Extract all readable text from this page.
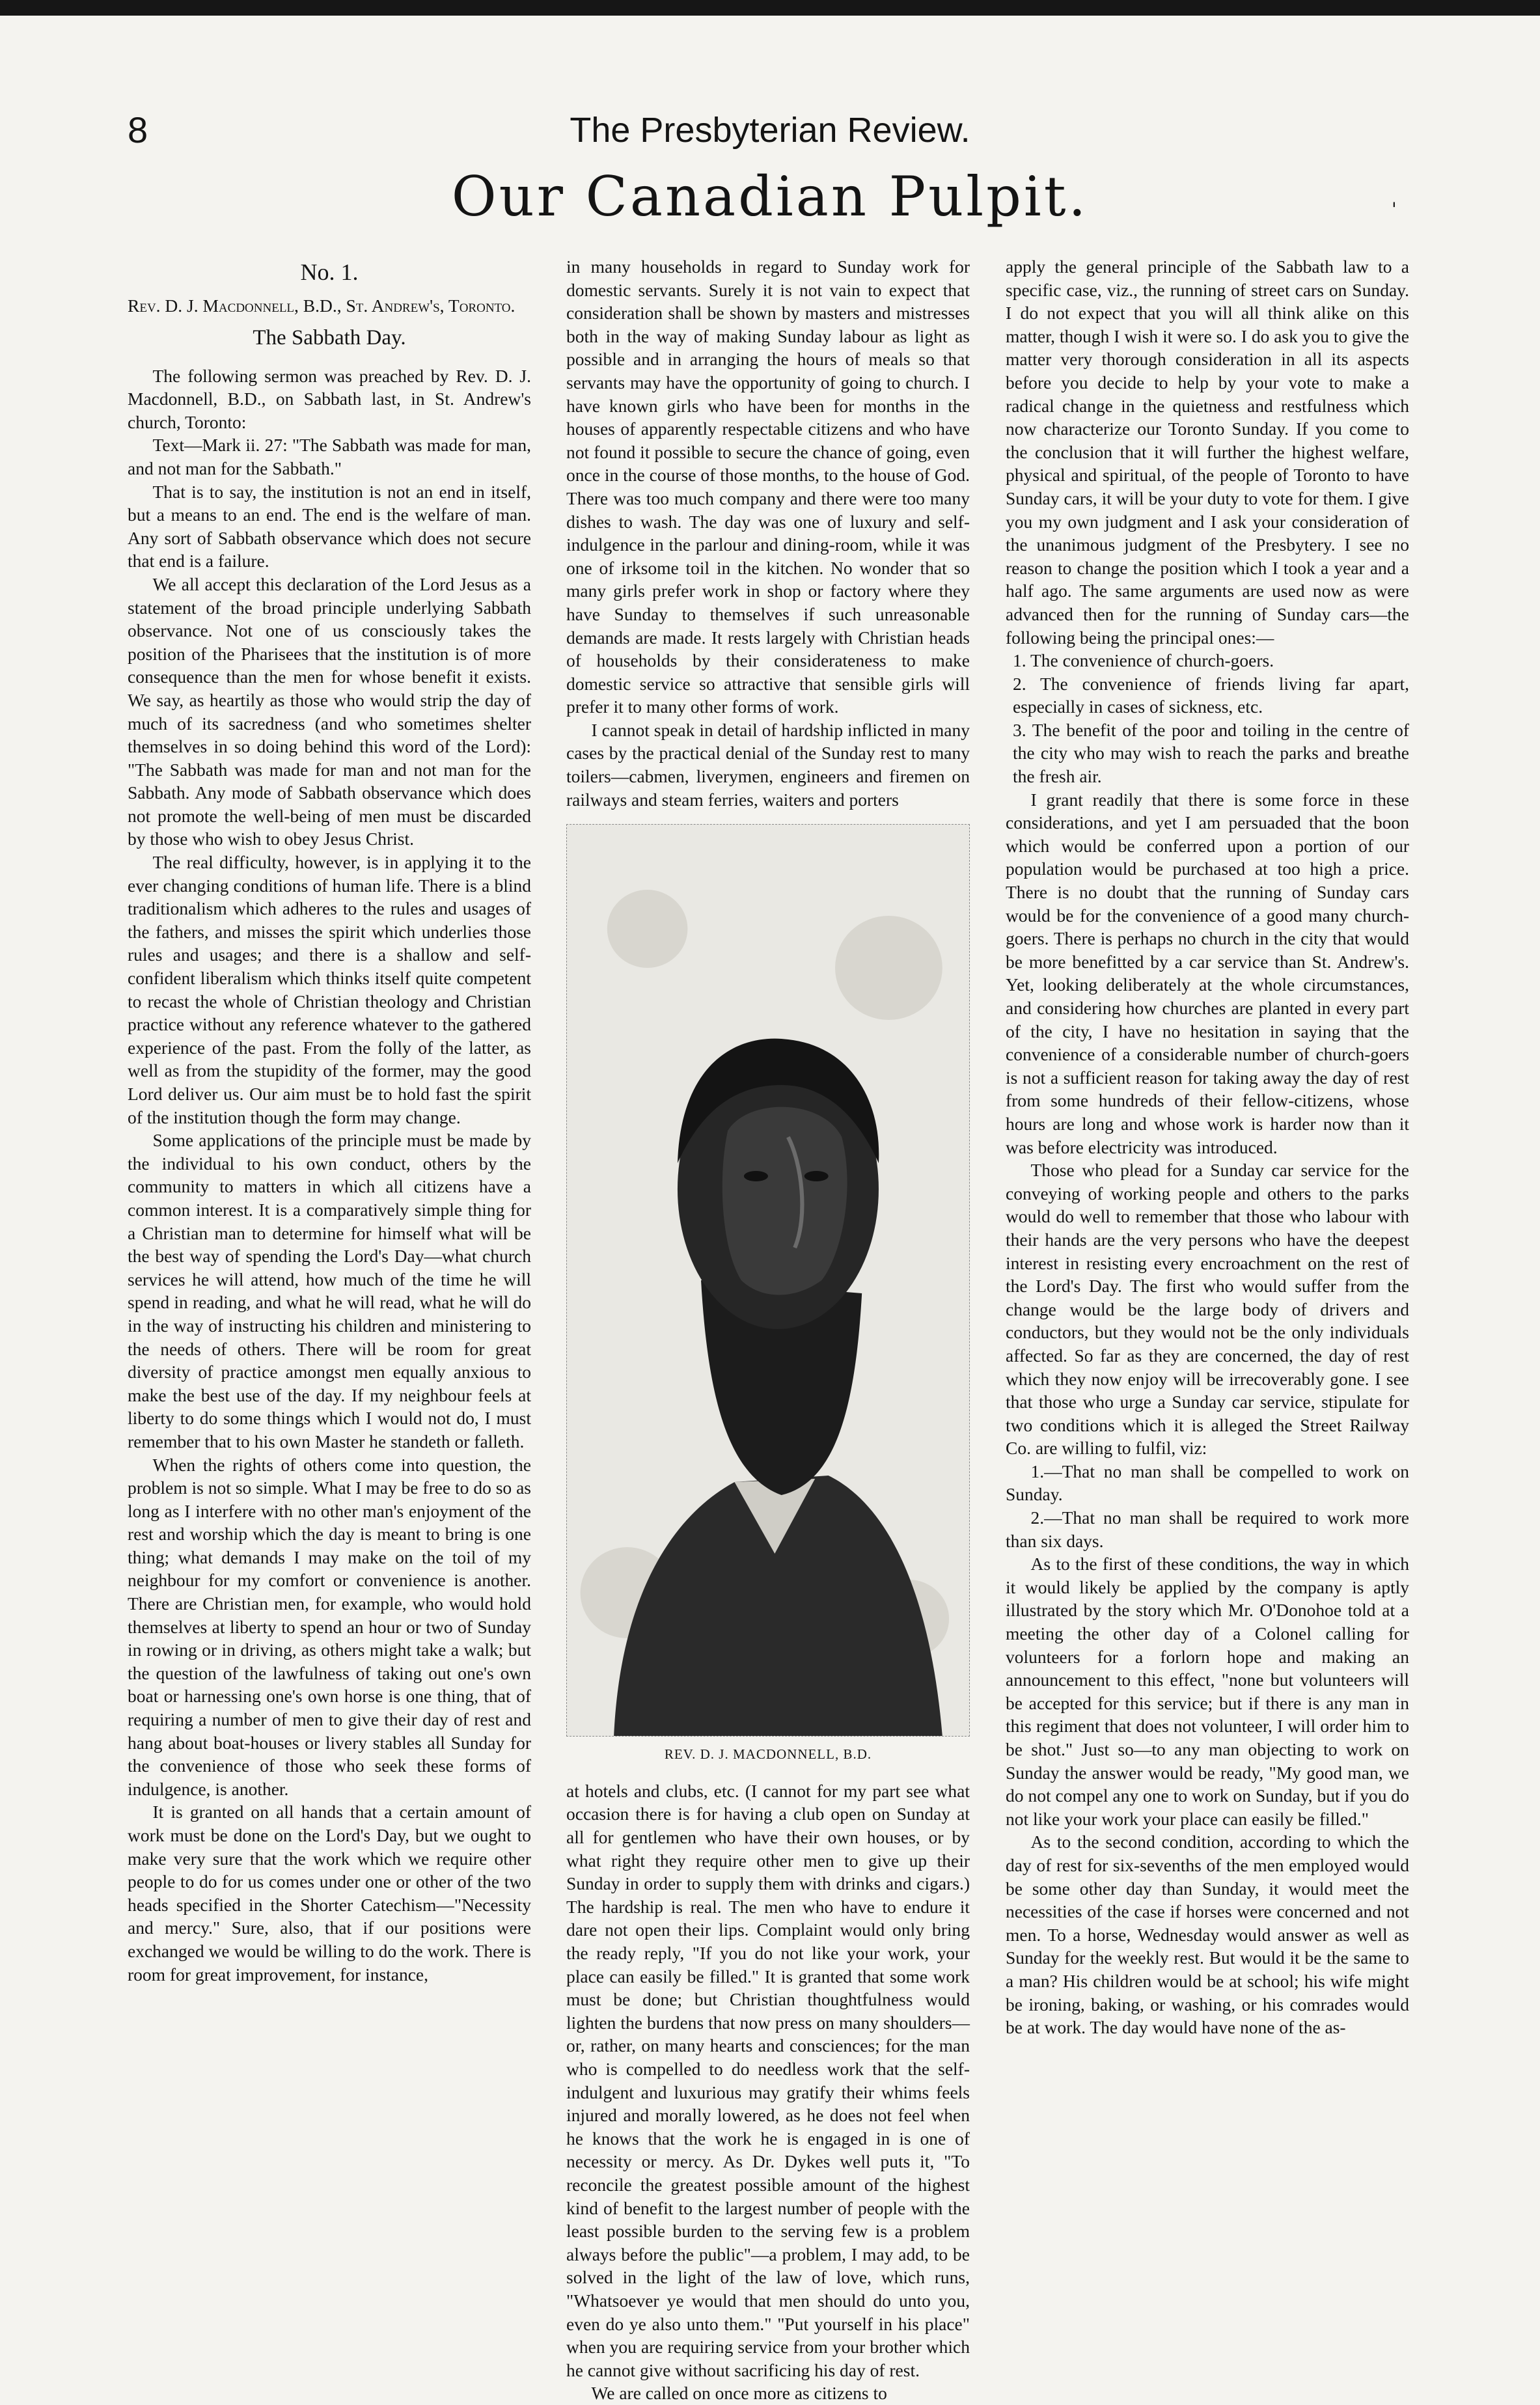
8	The Presbyterian Review.
Our Canadian Pulpit.	'
No. 1.

Rev. D. J. Macdonnell, B.D., St. Andrew's, Toronto.

The Sabbath Day.

The following sermon was preached by Rev. D. J. Macdonnell, B.D., on Sabbath last, in St. Andrew's church, Toronto:

Text—Mark ii. 27: "The Sabbath was made for man, and not man for the Sabbath."

That is to say, the institution is not an end in itself, but a means to an end. The end is the welfare of man. Any sort of Sabbath observance which does not secure that end is a failure.

We all accept this declaration of the Lord Jesus as a statement of the broad principle underlying Sabbath observance. Not one of us consciously takes the position of the Pharisees that the institution is of more consequence than the men for whose benefit it exists. We say, as heartily as those who would strip the day of much of its sacredness (and who sometimes shelter themselves in so doing behind this word of the Lord): "The Sabbath was made for man and not man for the Sabbath. Any mode of Sabbath observance which does not promote the well-being of men must be discarded by those who wish to obey Jesus Christ.

The real difficulty, however, is in applying it to the ever changing conditions of human life. There is a blind traditionalism which adheres to the rules and usages of the fathers, and misses the spirit which underlies those rules and usages; and there is a shallow and self-confident liberalism which thinks itself quite competent to recast the whole of Christian theology and Christian practice without any reference whatever to the gathered experience of the past. From the folly of the latter, as well as from the stupidity of the former, may the good Lord deliver us. Our aim must be to hold fast the spirit of the institution though the form may change.

Some applications of the principle must be made by the individual to his own conduct, others by the community to matters in which all citizens have a common interest. It is a comparatively simple thing for a Christian man to determine for himself what will be the best way of spending the Lord's Day—what church services he will attend, how much of the time he will spend in reading, and what he will read, what he will do in the way of instructing his children and ministering to the needs of others. There will be room for great diversity of practice amongst men equally anxious to make the best use of the day. If my neighbour feels at liberty to do some things which I would not do, I must remember that to his own Master he standeth or falleth.

When the rights of others come into question, the problem is not so simple. What I may be free to do so as long as I interfere with no other man's enjoyment of the rest and worship which the day is meant to bring is one thing; what demands I may make on the toil of my neighbour for my comfort or convenience is another. There are Christian men, for example, who would hold themselves at liberty to spend an hour or two of Sunday in rowing or in driving, as others might take a walk; but the question of the lawfulness of taking out one's own boat or harnessing one's own horse is one thing, that of requiring a number of men to give their day of rest and hang about boat-houses or livery stables all Sunday for the convenience of those who seek these forms of indulgence, is another.

It is granted on all hands that a certain amount of work must be done on the Lord's Day, but we ought to make very sure that the work which we require other people to do for us comes under one or other of the two heads specified in the Shorter Catechism—"Necessity and mercy." Sure, also, that if our positions were exchanged we would be willing to do the work. There is room for great improvement, for instance,

in many households in regard to Sunday work for domestic servants. Surely it is not vain to expect that consideration shall be shown by masters and mistresses both in the way of making Sunday labour as light as possible and in arranging the hours of meals so that servants may have the opportunity of going to church. I have known girls who have been for months in the houses of apparently respectable citizens and who have not found it possible to secure the chance of going, even once in the course of those months, to the house of God. There was too much company and there were too many dishes to wash. The day was one of luxury and self-indulgence in the parlour and dining-room, while it was one of irksome toil in the kitchen. No wonder that so many girls prefer work in shop or factory where they have Sunday to themselves if such unreasonable demands are made. It rests largely with Christian heads of households by their considerateness to make domestic service so attractive that sensible girls will prefer it to many other forms of work.

I cannot speak in detail of hardship inflicted in many cases by the practical denial of the Sunday rest to many toilers—cabmen, liverymen, engineers and firemen on railways and steam ferries, waiters and porters

REV. D. J. MACDONNELL, B.D.

at hotels and clubs, etc. (I cannot for my part see what occasion there is for having a club open on Sunday at all for gentlemen who have their own houses, or by what right they require other men to give up their Sunday in order to supply them with drinks and cigars.) The hardship is real. The men who have to endure it dare not open their lips. Complaint would only bring the ready reply, "If you do not like your work, your place can easily be filled." It is granted that some work must be done; but Christian thoughtfulness would lighten the burdens that now press on many shoulders—or, rather, on many hearts and consciences; for the man who is compelled to do needless work that the self-indulgent and luxurious may gratify their whims feels injured and morally lowered, as he does not feel when he knows that the work he is engaged in is one of necessity or mercy. As Dr. Dykes well puts it, "To reconcile the greatest possible amount of the highest kind of benefit to the largest number of people with the least possible burden to the serving few is a problem always before the public"—a problem, I may add, to be solved in the light of the law of love, which runs, "Whatsoever ye would that men should do unto you, even do ye also unto them." "Put yourself in his place" when you are requiring service from your brother which he cannot give without sacrificing his day of rest.

We are called on once more as citizens to

apply the general principle of the Sabbath law to a specific case, viz., the running of street cars on Sunday. I do not expect that you will all think alike on this matter, though I wish it were so. I do ask you to give the matter very thorough consideration in all its aspects before you decide to help by your vote to make a radical change in the quietness and restfulness which now characterize our Toronto Sunday. If you come to the conclusion that it will further the highest welfare, physical and spiritual, of the people of Toronto to have Sunday cars, it will be your duty to vote for them. I give you my own judgment and I ask your consideration of the unanimous judgment of the Presbytery. I see no reason to change the position which I took a year and a half ago. The same arguments are used now as were advanced then for the running of Sunday cars—the following being the principal ones:—

1. The convenience of church-goers.

2. The convenience of friends living far apart, especially in cases of sickness, etc.

3. The benefit of the poor and toiling in the centre of the city who may wish to reach the parks and breathe the fresh air.

I grant readily that there is some force in these considerations, and yet I am persuaded that the boon which would be conferred upon a portion of our population would be purchased at too high a price. There is no doubt that the running of Sunday cars would be for the convenience of a good many church-goers. There is perhaps no church in the city that would be more benefitted by a car service than St. Andrew's. Yet, looking deliberately at the whole circumstances, and considering how churches are planted in every part of the city, I have no hesitation in saying that the convenience of a considerable number of church-goers is not a sufficient reason for taking away the day of rest from some hundreds of their fellow-citizens, whose hours are long and whose work is harder now than it was before electricity was introduced.

Those who plead for a Sunday car service for the conveying of working people and others to the parks would do well to remember that those who labour with their hands are the very persons who have the deepest interest in resisting every encroachment on the rest of the Lord's Day. The first who would suffer from the change would be the large body of drivers and conductors, but they would not be the only individuals affected. So far as they are concerned, the day of rest which they now enjoy will be irrecoverably gone. I see that those who urge a Sunday car service, stipulate for two conditions which it is alleged the Street Railway Co. are willing to fulfil, viz:

1.—That no man shall be compelled to work on Sunday.

2.—That no man shall be required to work more than six days.

As to the first of these conditions, the way in which it would likely be applied by the company is aptly illustrated by the story which Mr. O'Donohoe told at a meeting the other day of a Colonel calling for volunteers for a forlorn hope and making an announcement to this effect, "none but volunteers will be accepted for this service; but if there is any man in this regiment that does not volunteer, I will order him to be shot." Just so—to any man objecting to work on Sunday the answer would be ready, "My good man, we do not compel any one to work on Sunday, but if you do not like your work your place can easily be filled."

As to the second condition, according to which the day of rest for six-sevenths of the men employed would be some other day than Sunday, it would meet the necessities of the case if horses were concerned and not men. To a horse, Wednesday would answer as well as Sunday for the weekly rest. But would it be the same to a man? His children would be at school; his wife might be ironing, baking, or washing, or his comrades would be at work. The day would have none of the as-
